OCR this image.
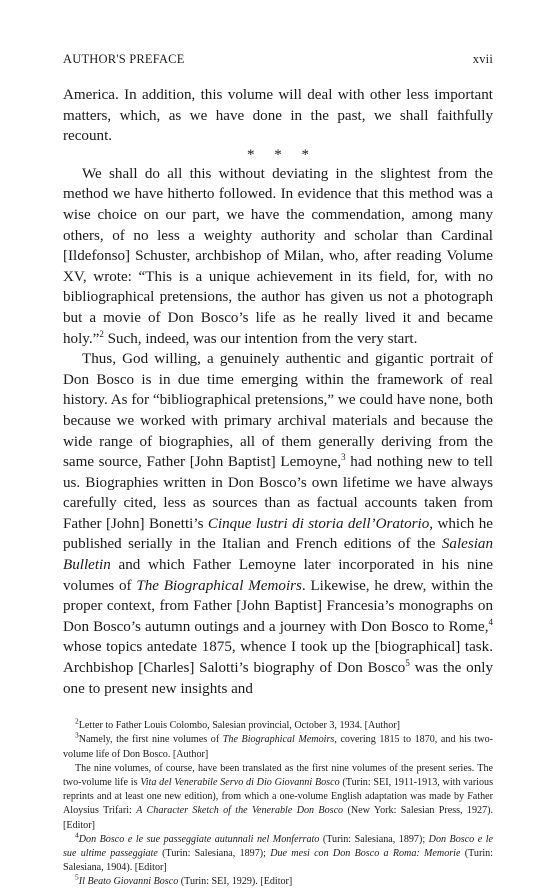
AUTHOR'S PREFACE	xvii

America. In addition, this volume will deal with other less important matters, which, as we have done in the past, we shall faithfully recount.

* * *

We shall do all this without deviating in the slightest from the method we have hitherto followed. In evidence that this method was a wise choice on our part, we have the commendation, among many others, of no less a weighty authority and scholar than Cardinal [Ildefonso] Schuster, archbishop of Milan, who, after reading Volume XV, wrote: “This is a unique achievement in its field, for, with no bibliographical pretensions, the author has given us not a photograph but a movie of Don Bosco’s life as he really lived it and became holy.”$^2$ Such, indeed, was our intention from the very start.

Thus, God willing, a genuinely authentic and gigantic portrait of Don Bosco is in due time emerging within the framework of real history. As for “bibliographical pretensions,” we could have none, both because we worked with primary archival materials and because the wide range of biographies, all of them generally deriving from the same source, Father [John Baptist] Lemoyne,$^3$ had nothing new to tell us. Biographies written in Don Bosco’s own lifetime we have always carefully cited, less as sources than as factual accounts taken from Father [John] Bonetti’s Cinque lustri di storia dell’Oratorio, which he published serially in the Italian and French editions of the Salesian Bulletin and which Father Lemoyne later incorporated in his nine volumes of The Biographical Memoirs. Likewise, he drew, within the proper context, from Father [John Baptist] Francesia’s monographs on Don Bosco’s autumn outings and a journey with Don Bosco to Rome,$^4$ whose topics antedate 1875, whence I took up the [biographical] task. Archbishop [Charles] Salotti’s biography of Don Bosco$^5$ was the only one to present new insights and

$^2$Letter to Father Louis Colombo, Salesian provincial, October 3, 1934. [Author]

$^3$Namely, the first nine volumes of The Biographical Memoirs, covering 1815 to 1870, and his two-volume life of Don Bosco. [Author]

The nine volumes, of course, have been translated as the first nine volumes of the present series. The two-volume life is Vita del Venerabile Servo di Dio Giovanni Bosco (Turin: SEI, 1911-1913, with various reprints and at least one new edition), from which a one-volume English adaptation was made by Father Aloysius Trifari: A Character Sketch of the Venerable Don Bosco (New York: Salesian Press, 1927). [Editor]

$^4$Don Bosco e le sue passeggiate autunnali nel Monferrato (Turin: Salesiana, 1897); Don Bosco e le sue ultime passeggiate (Turin: Salesiana, 1897); Due mesi con Don Bosco a Roma: Memorie (Turin: Salesiana, 1904). [Editor]

$^5$Il Beato Giovanni Bosco (Turin: SEI, 1929). [Editor]
